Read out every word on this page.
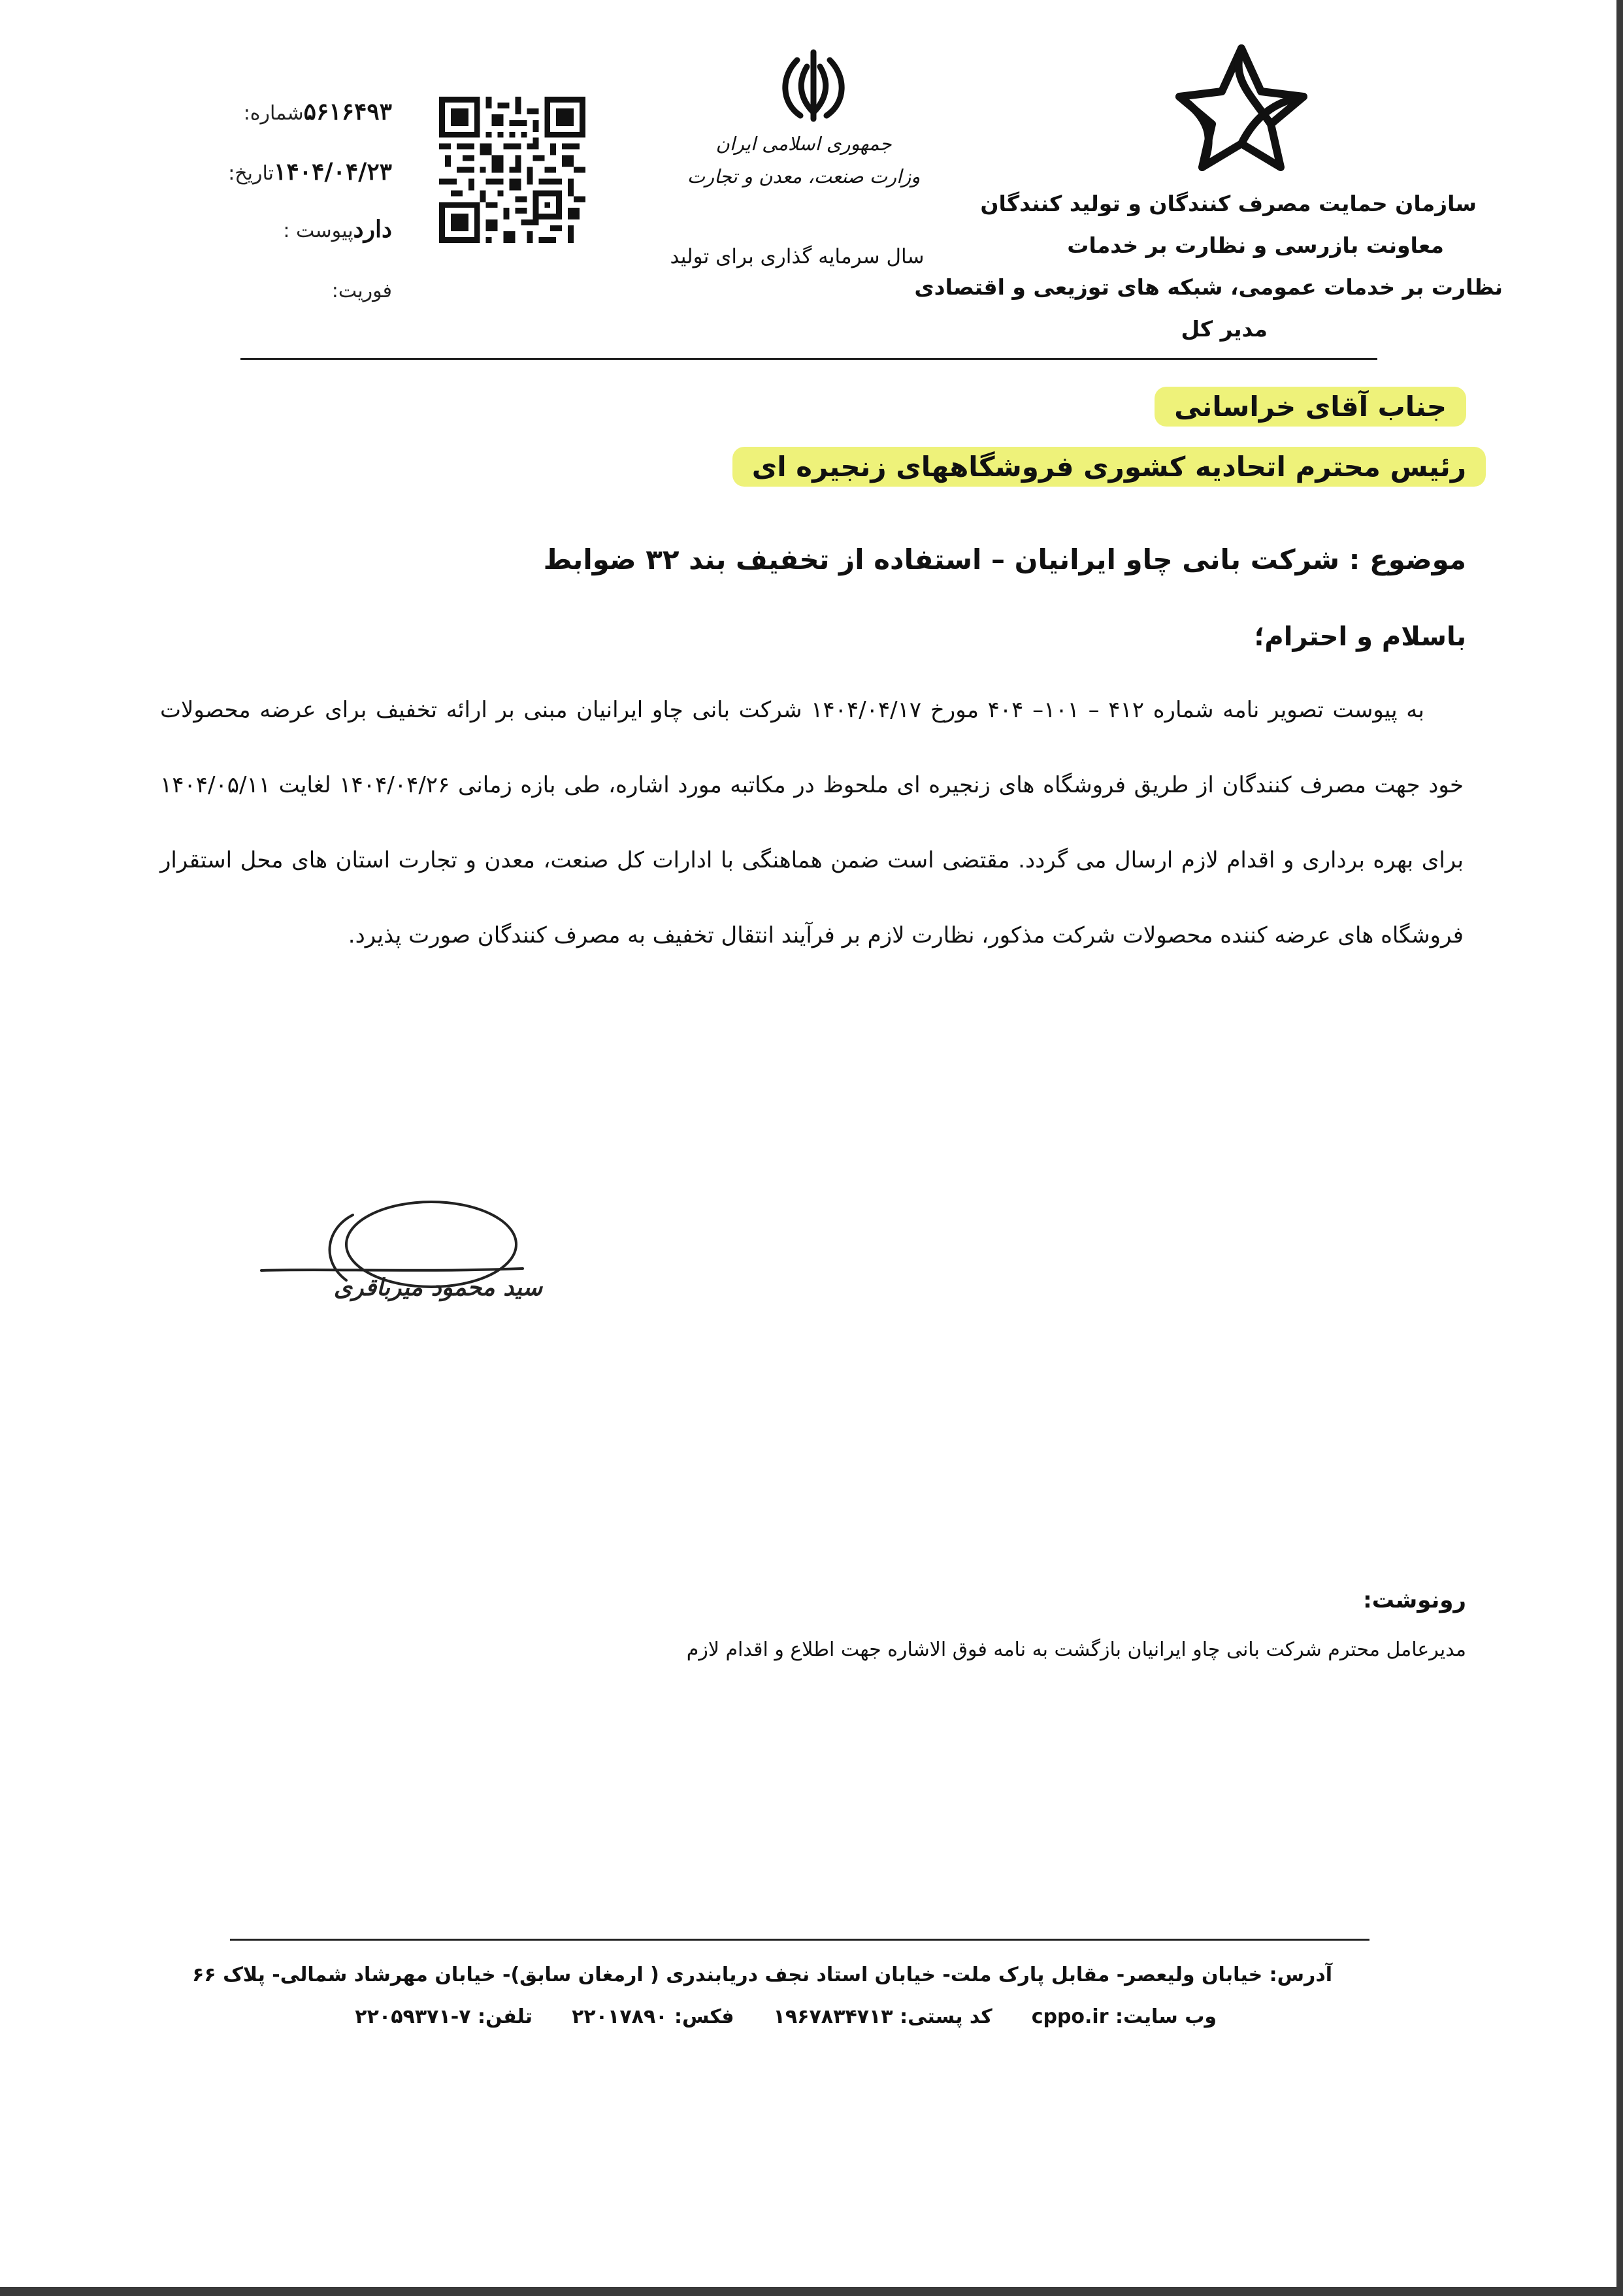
سازمان حمایت مصرف کنندگان و تولید کنندگان
معاونت بازرسی و نظارت بر خدمات
نظارت بر خدمات عمومی، شبکه های توزیعی و اقتصادی
مدیر کل
جمهوری اسلامی ایران
وزارت صنعت، معدن و تجارت
سال سرمایه گذاری برای تولید
شماره: ۵۶۱۶۴۹۳
تاریخ: ۱۴۰۴/۰۴/۲۳
پیوست : دارد
فوریت:
جناب آقای خراسانی
رئیس محترم اتحادیه کشوری فروشگاههای زنجیره ای
موضوع : شرکت بانی چاو ایرانیان – استفاده از تخفیف بند ۳۲ ضوابط
باسلام و احترام؛

به پیوست تصویر نامه شماره ۴۱۲ – ۱۰۱– ۴۰۴ مورخ ۱۴۰۴/۰۴/۱۷ شرکت بانی چاو ایرانیان مبنی بر ارائه تخفیف برای عرضه محصولات خود جهت مصرف کنندگان از طریق فروشگاه های زنجیره ای ملحوظ در مکاتبه مورد اشاره، طی بازه زمانی ۱۴۰۴/۰۴/۲۶ لغایت ۱۴۰۴/۰۵/۱۱ برای بهره برداری و اقدام لازم ارسال می گردد. مقتضی است ضمن هماهنگی با ادارات کل صنعت، معدن و تجارت استان های محل استقرار فروشگاه های عرضه کننده محصولات شرکت مذکور، نظارت لازم بر فرآیند انتقال تخفیف به مصرف کنندگان صورت پذیرد.

سید محمود میرباقری
رونوشت:
مدیرعامل محترم شرکت بانی چاو ایرانیان بازگشت به نامه فوق الاشاره جهت اطلاع و اقدام لازم
آدرس: خیابان ولیعصر- مقابل پارک ملت- خیابان استاد نجف دریابندری ( ارمغان سابق)- خیابان مهرشاد شمالی- پلاک ۶۶
تلفن: ۷-۲۲۰۵۹۳۷۱ فکس: ۲۲۰۱۷۸۹۰ کد پستی: ۱۹۶۷۸۳۴۷۱۳	وب سایت: cppo.ir
